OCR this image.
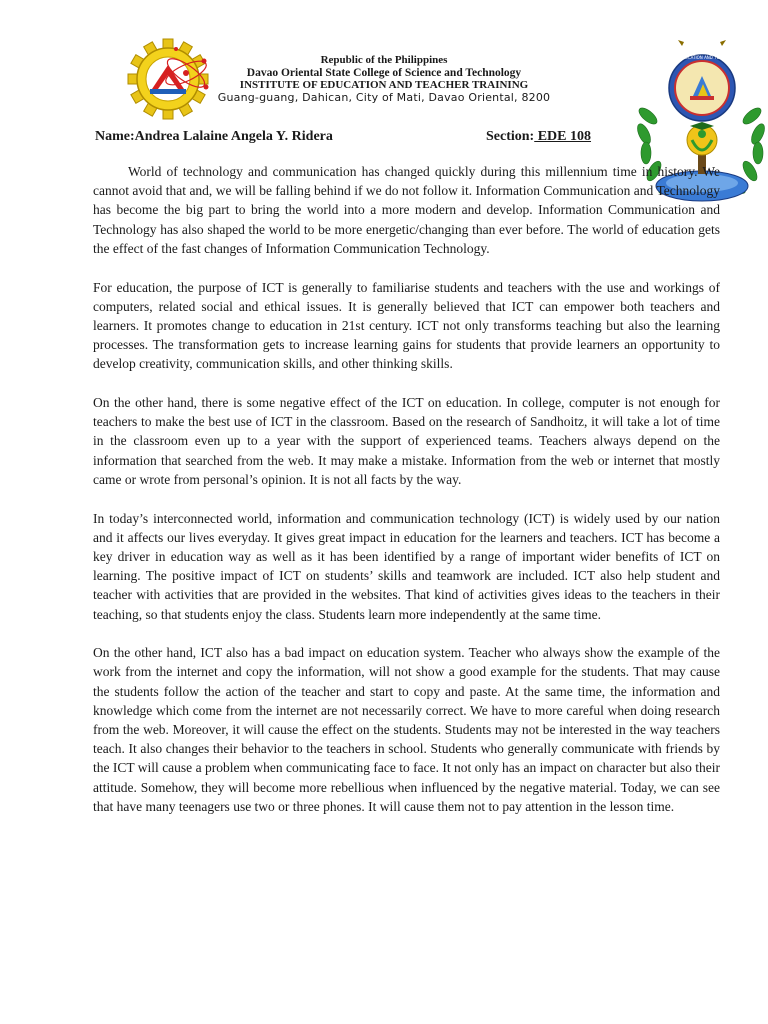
INSTITUTE OF EDUCATION AND TEACHER TRAINING
Republic of the Philippines
Davao Oriental State College of Science and Technology
INSTITUTE OF EDUCATION AND TEACHER TRAINING
Guang-guang, Dahican, City of Mati, Davao Oriental, 8200
Name:Andrea Lalaine Angela Y. Ridera	Section: EDE 108

World of technology and communication has changed quickly during this millennium time in history. We cannot avoid that and, we will be falling behind if we do not follow it. Information Communication and Technology has become the big part to bring the world into a more modern and develop. Information Communication and Technology has also shaped the world to be more energetic/changing than ever before. The world of education gets the effect of the fast changes of Information Communication Technology.

For education, the purpose of ICT is generally to familiarise students and teachers with the use and workings of computers, related social and ethical issues. It is generally believed that ICT can empower both teachers and learners. It promotes change to education in 21st century. ICT not only transforms teaching but also the learning processes. The transformation gets to increase learning gains for students that provide learners an opportunity to develop creativity, communication skills, and other thinking skills.

On the other hand, there is some negative effect of the ICT on education. In college, computer is not enough for teachers to make the best use of ICT in the classroom. Based on the research of Sandhoitz, it will take a lot of time in the classroom even up to a year with the support of experienced teams. Teachers always depend on the information that searched from the web. It may make a mistake. Information from the web or internet that mostly came or wrote from personal’s opinion. It is not all facts by the way.

In today’s interconnected world, information and communication technology (ICT) is widely used by our nation and it affects our lives everyday. It gives great impact in education for the learners and teachers. ICT has become a key driver in education way as well as it has been identified by a range of important wider benefits of ICT on learning. The positive impact of ICT on students’ skills and teamwork are included. ICT also help student and teacher with activities that are provided in the websites. That kind of activities gives ideas to the teachers in their teaching, so that students enjoy the class. Students learn more independently at the same time.

On the other hand, ICT also has a bad impact on education system. Teacher who always show the example of the work from the internet and copy the information, will not show a good example for the students. That may cause the students follow the action of the teacher and start to copy and paste. At the same time, the information and knowledge which come from the internet are not necessarily correct. We have to more careful when doing research from the web. Moreover, it will cause the effect on the students. Students may not be interested in the way teachers teach. It also changes their behavior to the teachers in school. Students who generally communicate with friends by the ICT will cause a problem when communicating face to face. It not only has an impact on character but also their attitude. Somehow, they will become more rebellious when influenced by the negative material. Today, we can see that have many teenagers use two or three phones. It will cause them not to pay attention in the lesson time.
